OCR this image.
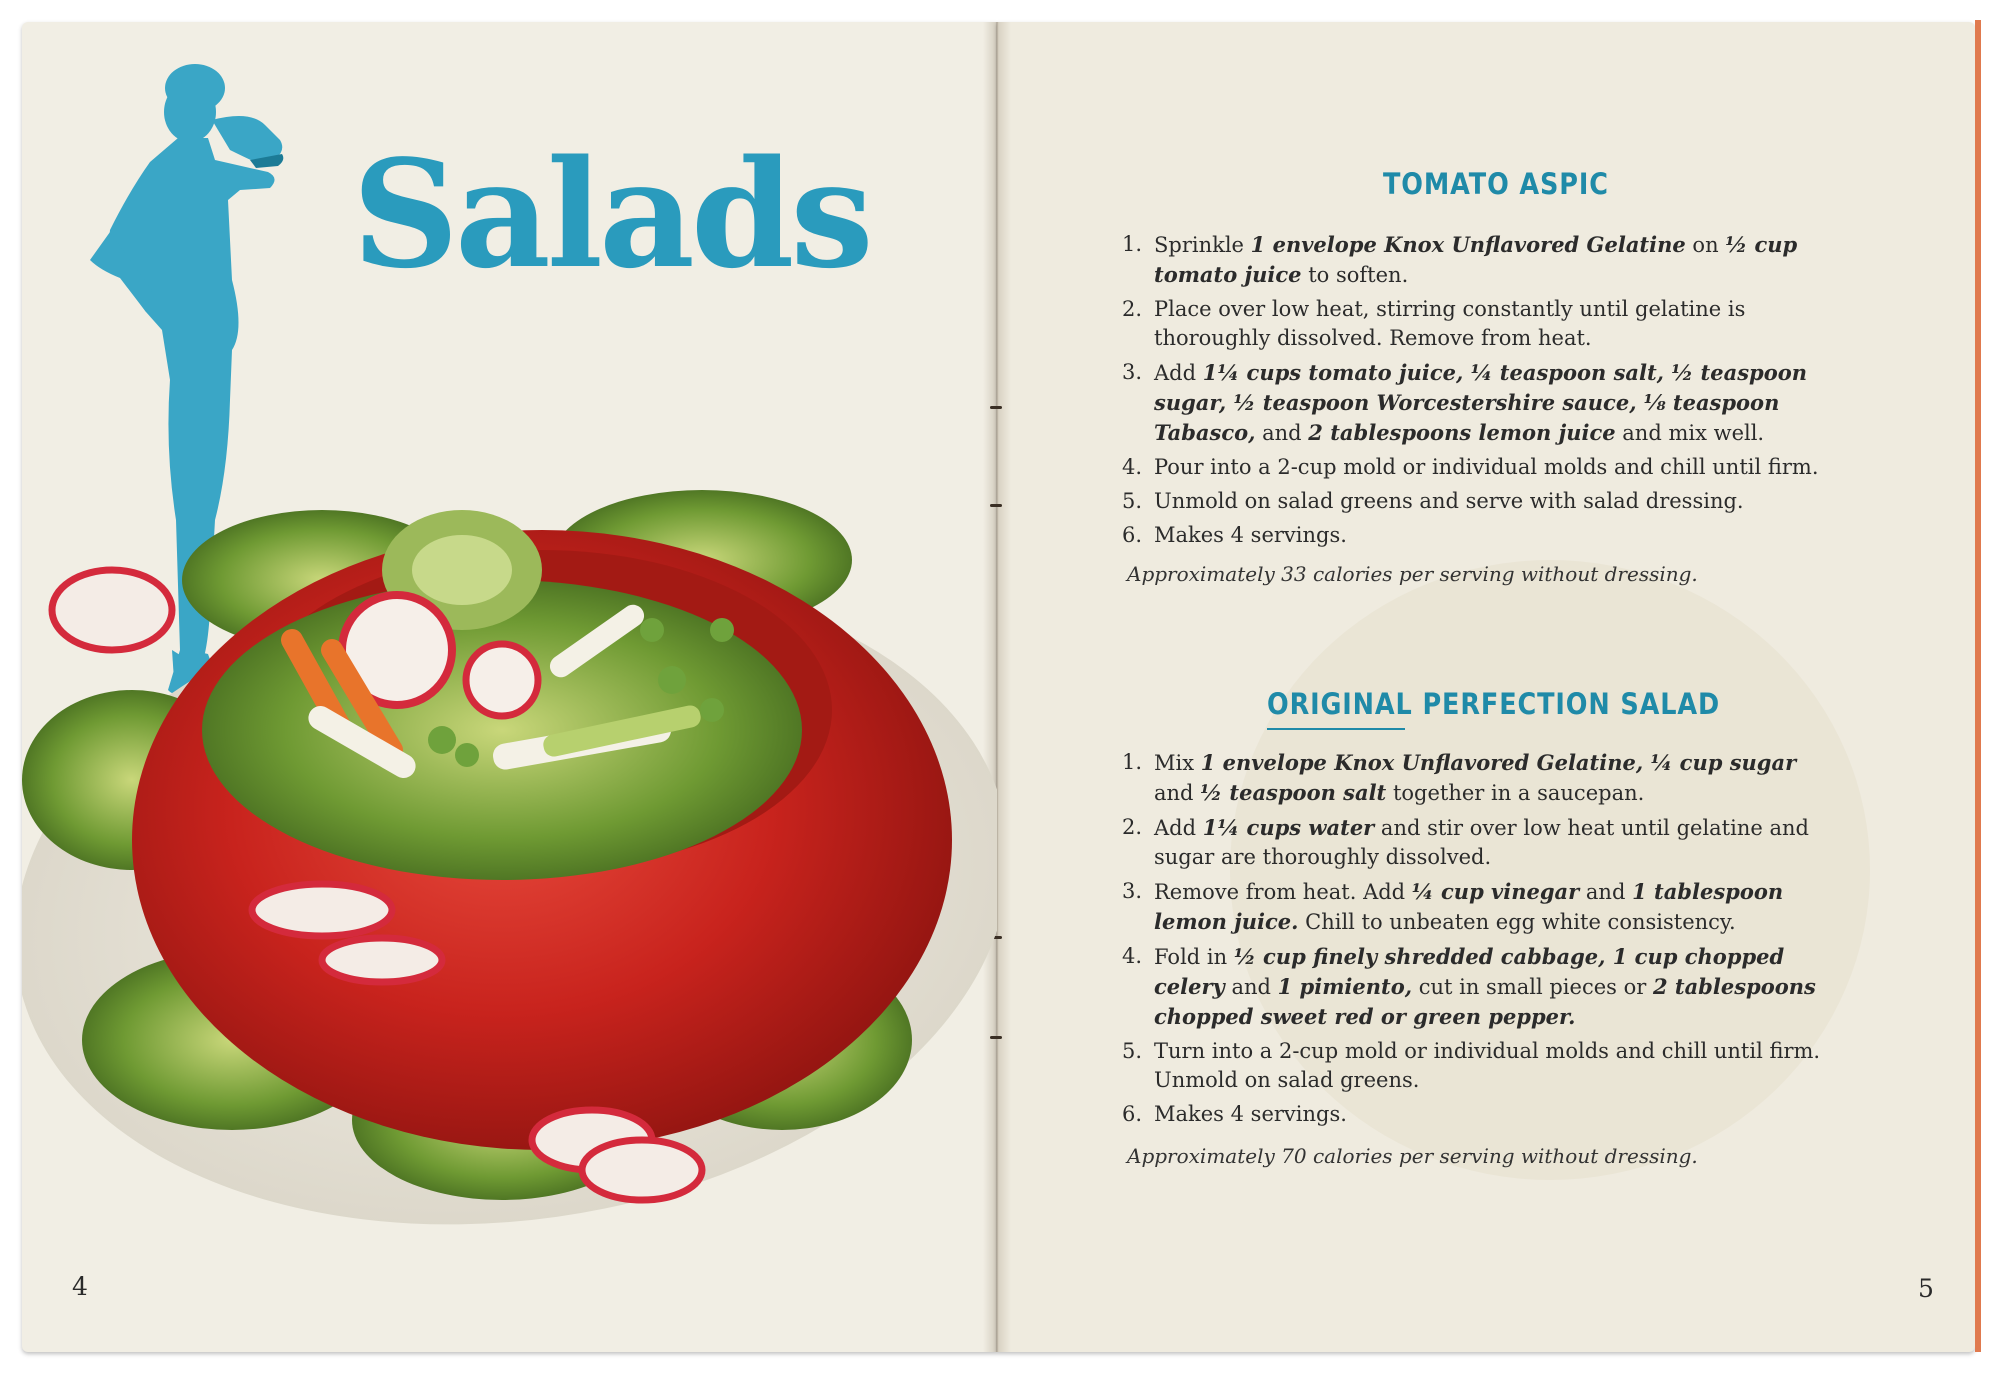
Salads
4
TOMATO ASPIC
1. Sprinkle 1 envelope Knox Unflavored Gelatine on ½ cup tomato juice to soften.
2. Place over low heat, stirring constantly until gelatine is thoroughly dissolved. Remove from heat.
3. Add 1¼ cups tomato juice, ¼ teaspoon salt, ½ teaspoon sugar, ½ teaspoon Worcestershire sauce, ⅛ teaspoon Tabasco, and 2 tablespoons lemon juice and mix well.
4. Pour into a 2-cup mold or individual molds and chill until firm.
5. Unmold on salad greens and serve with salad dressing.
6. Makes 4 servings.
Approximately 33 calories per serving without dressing.
ORIGINAL PERFECTION SALAD
1. Mix 1 envelope Knox Unflavored Gelatine, ¼ cup sugar and ½ teaspoon salt together in a saucepan.
2. Add 1¼ cups water and stir over low heat until gelatine and sugar are thoroughly dissolved.
3. Remove from heat. Add ¼ cup vinegar and 1 tablespoon lemon juice. Chill to unbeaten egg white consistency.
4. Fold in ½ cup finely shredded cabbage, 1 cup chopped celery and 1 pimiento, cut in small pieces or 2 tablespoons chopped sweet red or green pepper.
5. Turn into a 2-cup mold or individual molds and chill until firm. Unmold on salad greens.
6. Makes 4 servings.
Approximately 70 calories per serving without dressing.
5
